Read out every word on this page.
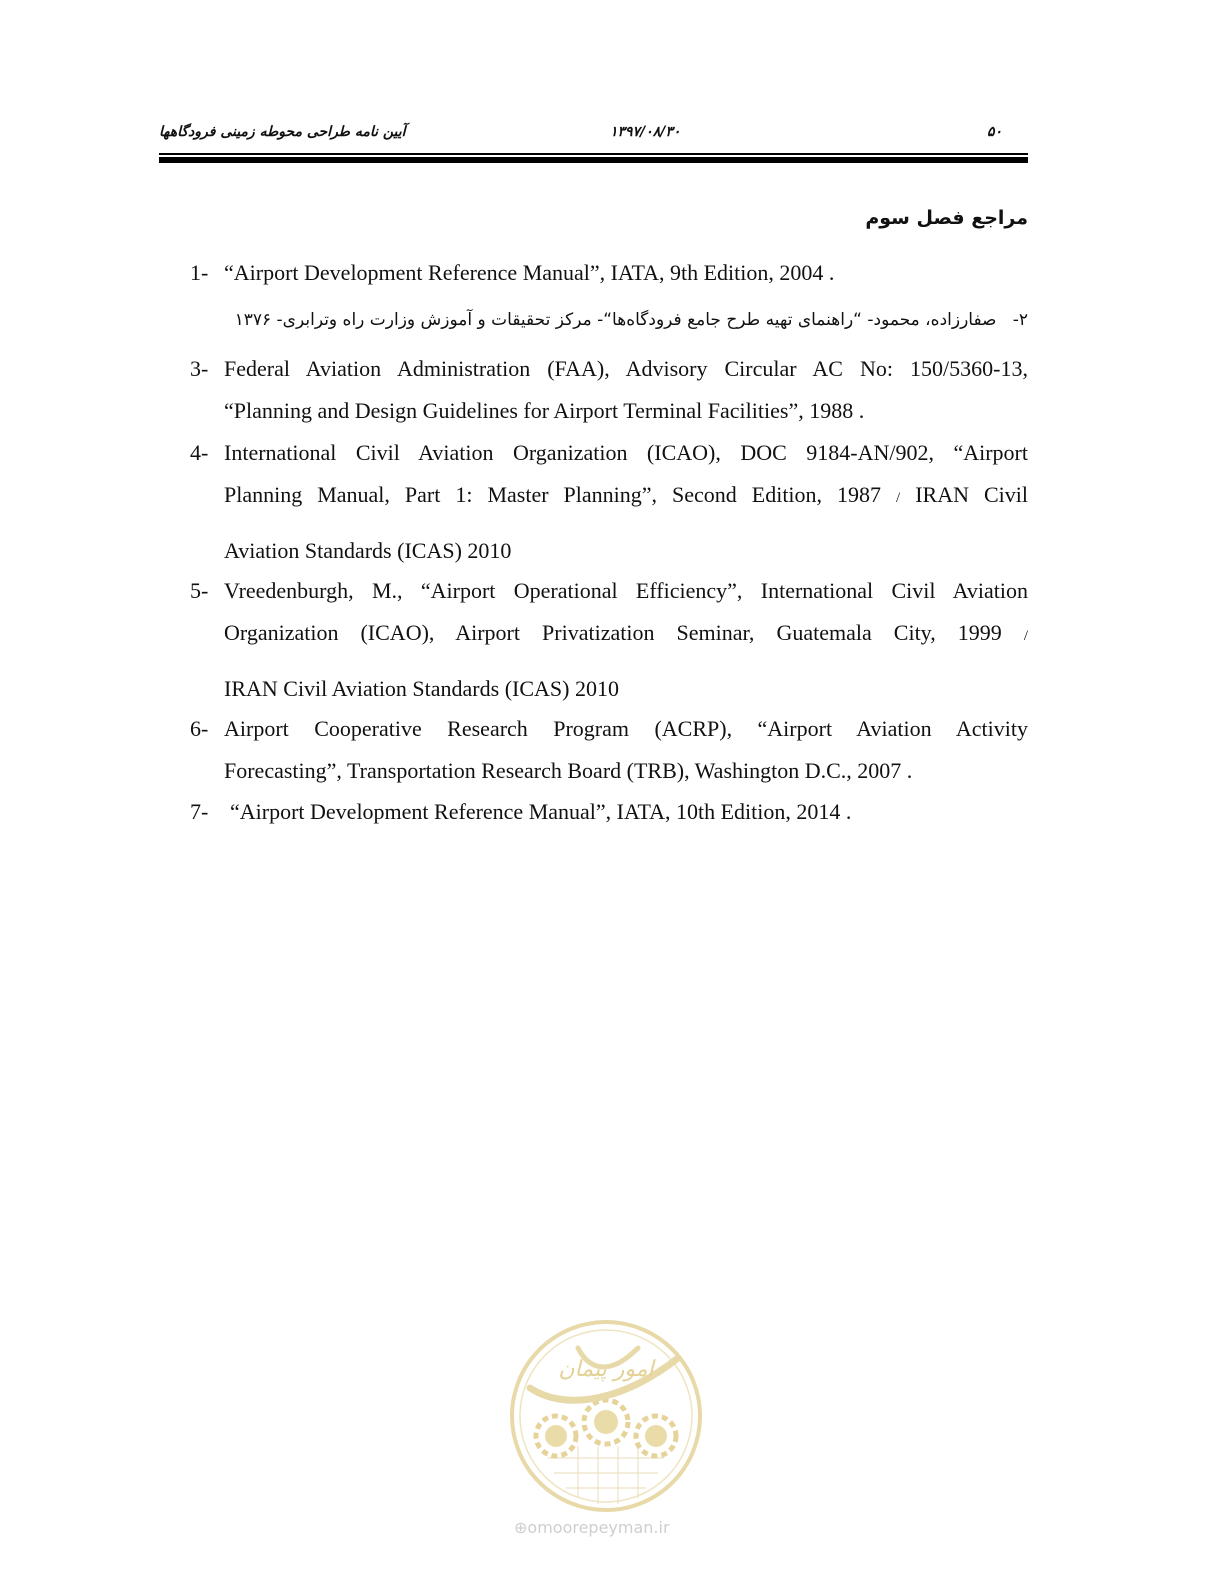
آیین نامه طراحی محوطه زمینی فرودگاهها	۱۳۹۷/۰۸/۳۰	۵۰
مراجع فصل سوم
1- “Airport Development Reference Manual”, IATA, 9th Edition, 2004 .
۲-   صفارزاده، محمود- “راهنمای تهیه طرح جامع فرودگاه‌ها“- مرکز تحقیقات و آموزش وزارت راه وترابری- ۱۳۷۶
3- Federal Aviation Administration (FAA), Advisory Circular AC No: 150/5360-13,
“Planning and Design Guidelines for Airport Terminal Facilities”, 1988 .
4- International Civil Aviation Organization (ICAO), DOC 9184-AN/902, “Airport
Planning Manual, Part 1: Master Planning”, Second Edition, 1987 / IRAN Civil
Aviation Standards (ICAS) 2010
5- Vreedenburgh, M., “Airport Operational Efficiency”, International Civil Aviation
Organization (ICAO), Airport Privatization Seminar, Guatemala City, 1999 /
IRAN Civil Aviation Standards (ICAS) 2010
6- Airport Cooperative Research Program (ACRP), “Airport Aviation Activity
Forecasting”, Transportation Research Board (TRB), Washington D.C., 2007 .
7- “Airport Development Reference Manual”, IATA, 10th Edition, 2014 .
امور پیمان
⊕omoorepeyman.ir
